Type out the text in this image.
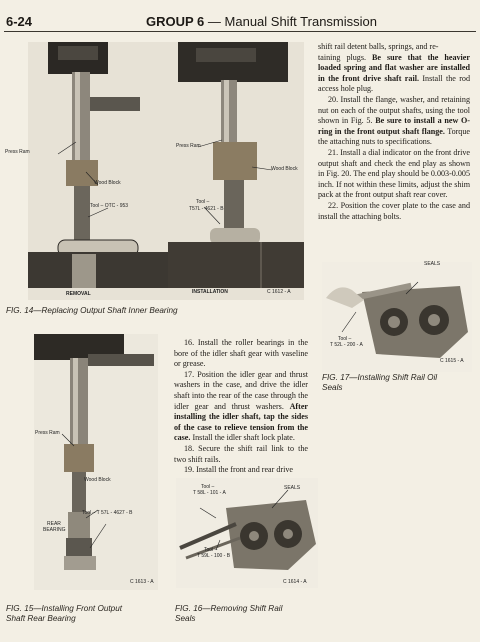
6-24	GROUP 6 — Manual Shift Transmission
Press Ram
Wood Block
Tool – OTC - 953
Press Ram
Wood Block
Tool –
T57L - 4621 - B
REMOVAL	INSTALLATION	C 1612 - A
FIG. 14—Replacing Output Shaft Inner Bearing

shift rail detent balls, springs, and re-

taining plugs. Be sure that the heavier loaded spring and flat washer are installed in the front drive shaft rail. Install the rod access hole plug.

20. Install the flange, washer, and retaining nut on each of the output shafts, using the tool shown in Fig. 5. Be sure to install a new O-ring in the front output shaft flange. Torque the attaching nuts to specifications.

21. Install a dial indicator on the front drive output shaft and check the end play as shown in Fig. 20. The end play should be 0.003-0.005 inch. If not within these limits, adjust the shim pack at the front output shaft rear cover.

22. Position the cover plate to the case and install the attaching bolts.

SEALS
Tool –
T 52L - 200 - A
C 1615 - A
FIG. 17—Installing Shift Rail Oil
Seals
Press Ram
Wood Block
Tool – T 57L - 4627 - B
REAR
BEARING
C 1613 - A
FIG. 15—Installing Front Output
Shaft Rear Bearing

16. Install the roller bearings in the bore of the idler shaft gear with vaseline or grease.

17. Position the idler gear and thrust washers in the case, and drive the idler shaft into the rear of the case through the idler gear and thrust washers. After installing the idler shaft, tap the sides of the case to relieve tension from the case. Install the idler shaft lock plate.

18. Secure the shift rail link to the two shift rails.

19. Install the front and rear drive

Tool –
T 58L - 101 - A
SEALS
Tool –
T 59L - 100 - B
C 1614 - A
FIG. 16—Removing Shift Rail
Seals
